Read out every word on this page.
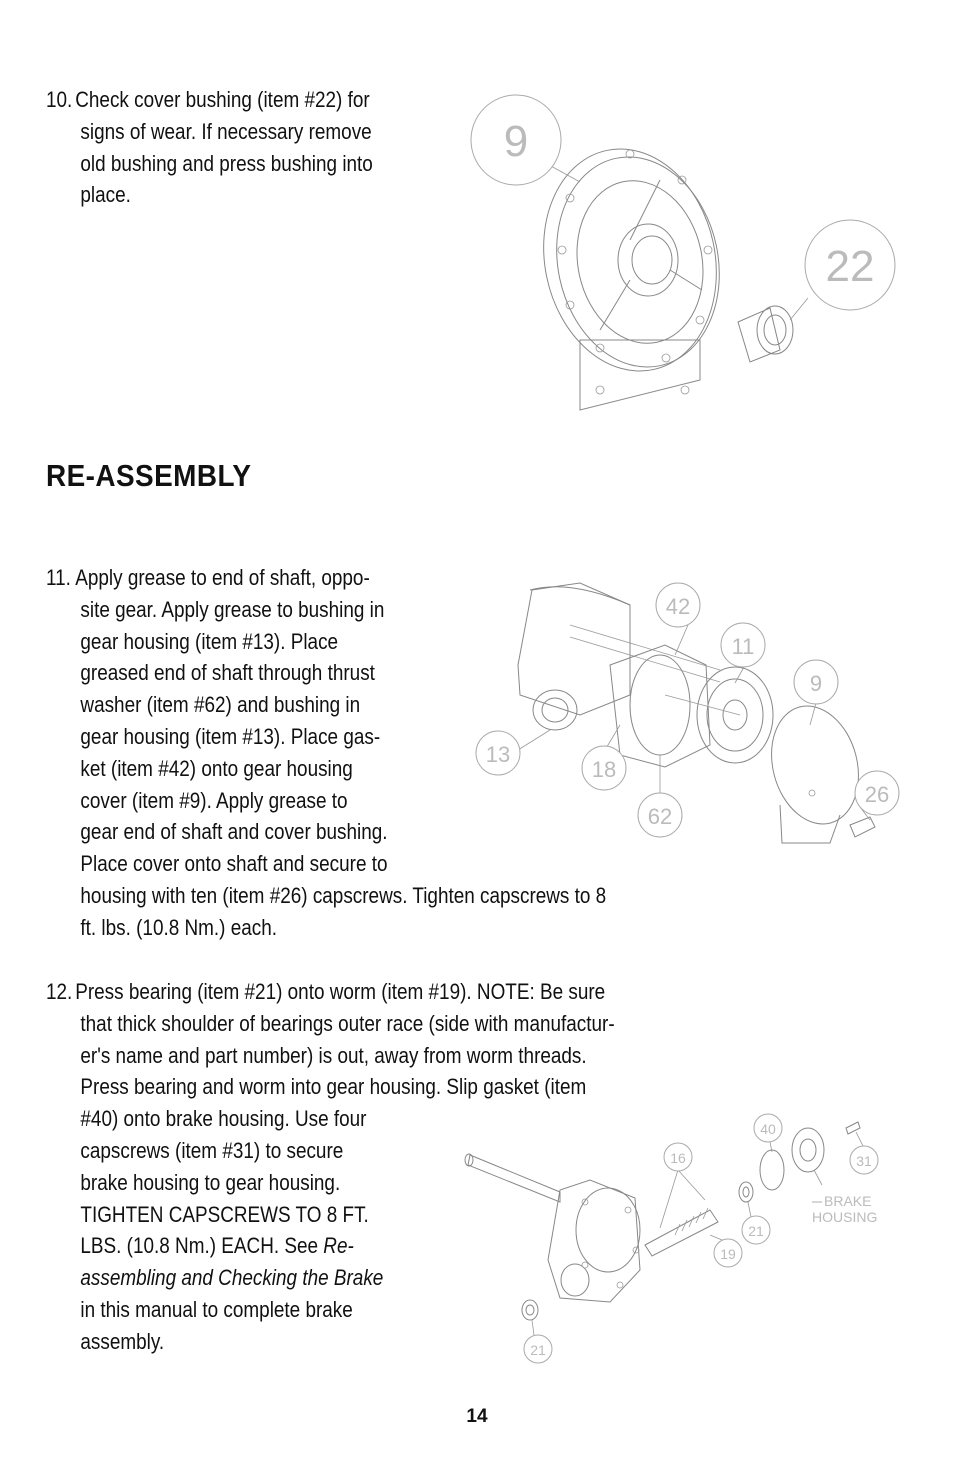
10. Check cover bushing (item #22) for
signs of wear. If necessary remove
old bushing and press bushing into
place.
9
22
RE-ASSEMBLY
11. Apply grease to end of shaft, oppo-
site gear. Apply grease to bushing in
gear housing (item #13). Place
greased end of shaft through thrust
washer (item #62) and bushing in
gear housing (item #13). Place gas-
ket (item #42) onto gear housing
cover (item #9). Apply grease to
gear end of shaft and cover bushing.
Place cover onto shaft and secure to
housing with ten (item #26) capscrews. Tighten capscrews to 8
ft. lbs. (10.8 Nm.) each.
42
11
9
13
18
62
26
12. Press bearing (item #21) onto worm (item #19). NOTE: Be sure
that thick shoulder of bearings outer race (side with manufactur-
er's name and part number) is out, away from worm threads.
Press bearing and worm into gear housing. Slip gasket (item
#40) onto brake housing. Use four
capscrews (item #31) to secure
brake housing to gear housing.
TIGHTEN CAPSCREWS TO 8 FT.
LBS. (10.8 Nm.) EACH. See Re-
assembling and Checking the Brake
in this manual to complete brake
assembly.
40
31
16
21
19
21
BRAKE
HOUSING
14
